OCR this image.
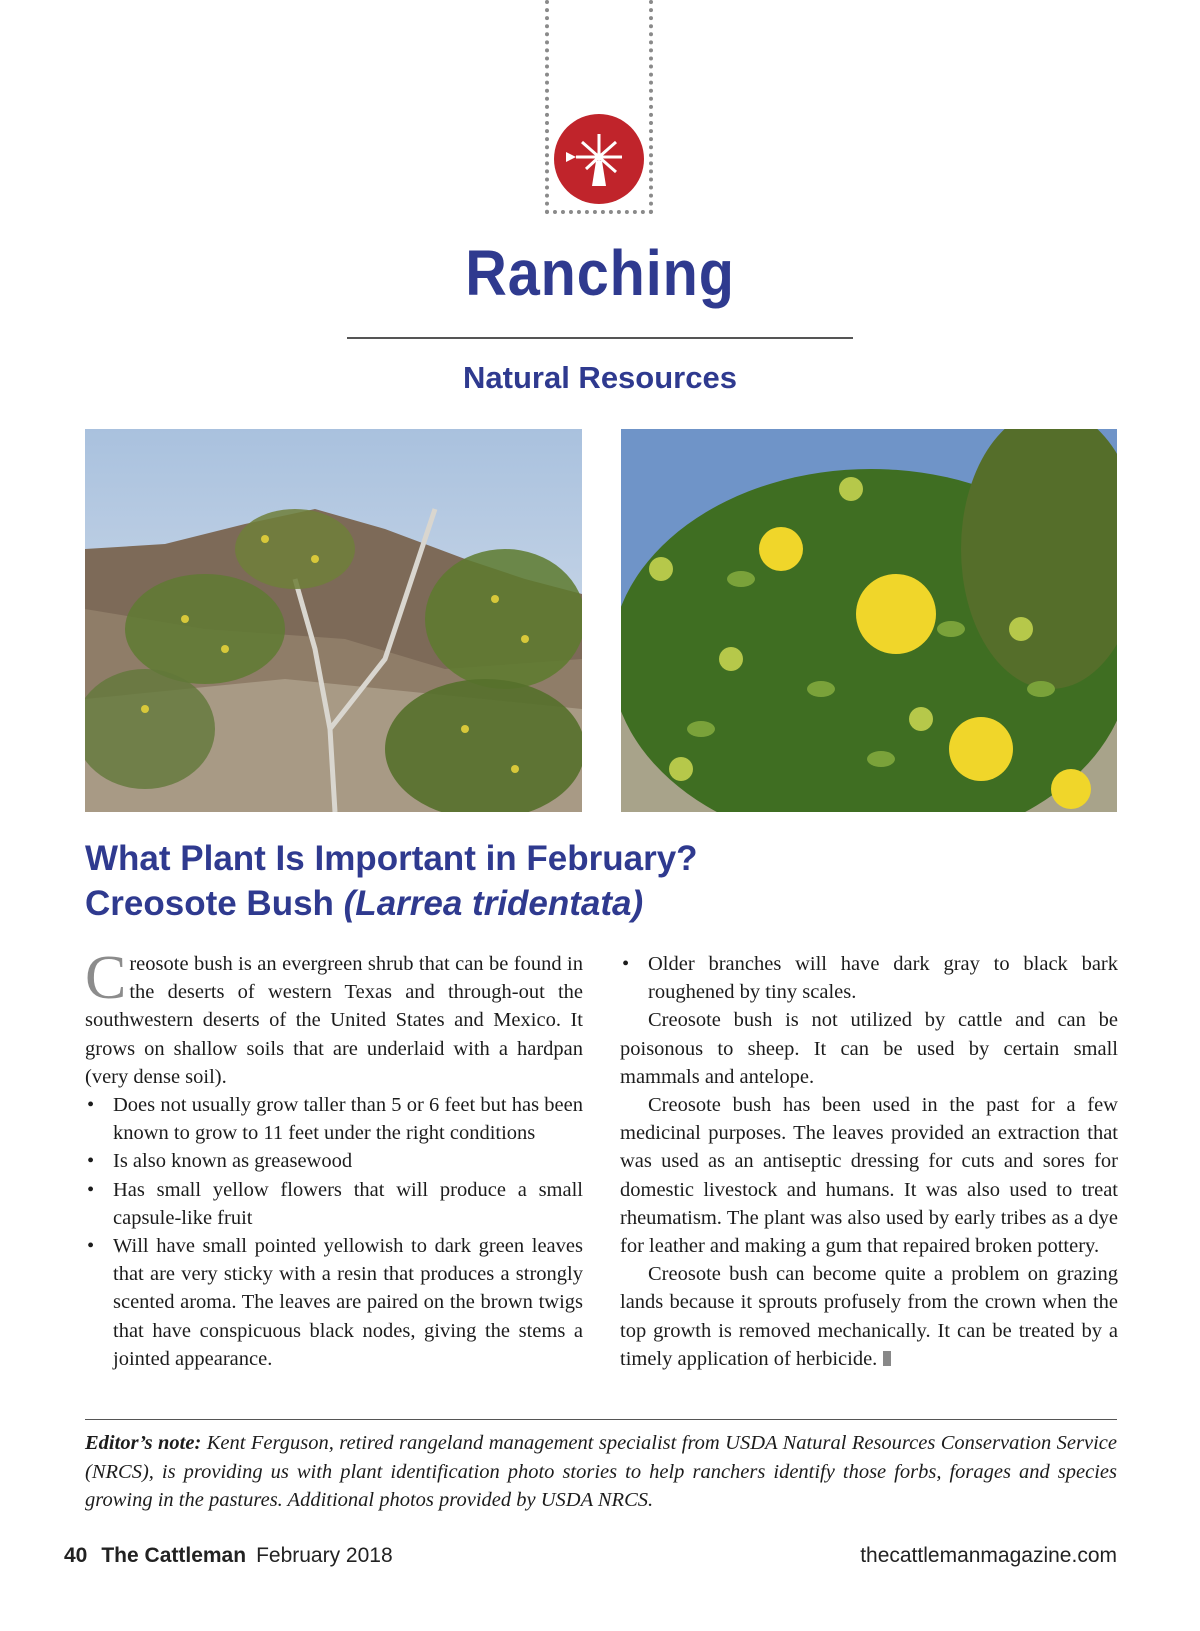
Ranching
Natural Resources
What Plant Is Important in February?
Creosote Bush (Larrea tridentata)

Creosote bush is an evergreen shrub that can be found in the deserts of western Texas and through-out the southwestern deserts of the United States and Mexico. It grows on shallow soils that are underlaid with a hardpan (very dense soil).

• Does not usually grow taller than 5 or 6 feet but has been known to grow to 11 feet under the right conditions
• Is also known as greasewood
• Has small yellow flowers that will produce a small capsule-like fruit
• Will have small pointed yellowish to dark green leaves that are very sticky with a resin that produces a strongly scented aroma. The leaves are paired on the brown twigs that have conspicuous black nodes, giving the stems a jointed appearance.
• Older branches will have dark gray to black bark roughened by tiny scales.

Creosote bush is not utilized by cattle and can be poisonous to sheep. It can be used by certain small mammals and antelope.

Creosote bush has been used in the past for a few medicinal purposes. The leaves provided an extraction that was used as an antiseptic dressing for cuts and sores for domestic livestock and humans. It was also used to treat rheumatism. The plant was also used by early tribes as a dye for leather and making a gum that repaired broken pottery.

Creosote bush can become quite a problem on grazing lands because it sprouts profusely from the crown when the top growth is removed mechanically. It can be treated by a timely application of herbicide.

Editor’s note: Kent Ferguson, retired rangeland management specialist from USDA Natural Resources Conservation Service (NRCS), is providing us with plant identification photo stories to help ranchers identify those forbs, forages and species growing in the pastures. Additional photos provided by USDA NRCS.
40 The Cattleman February 2018	thecattlemanmagazine.com
